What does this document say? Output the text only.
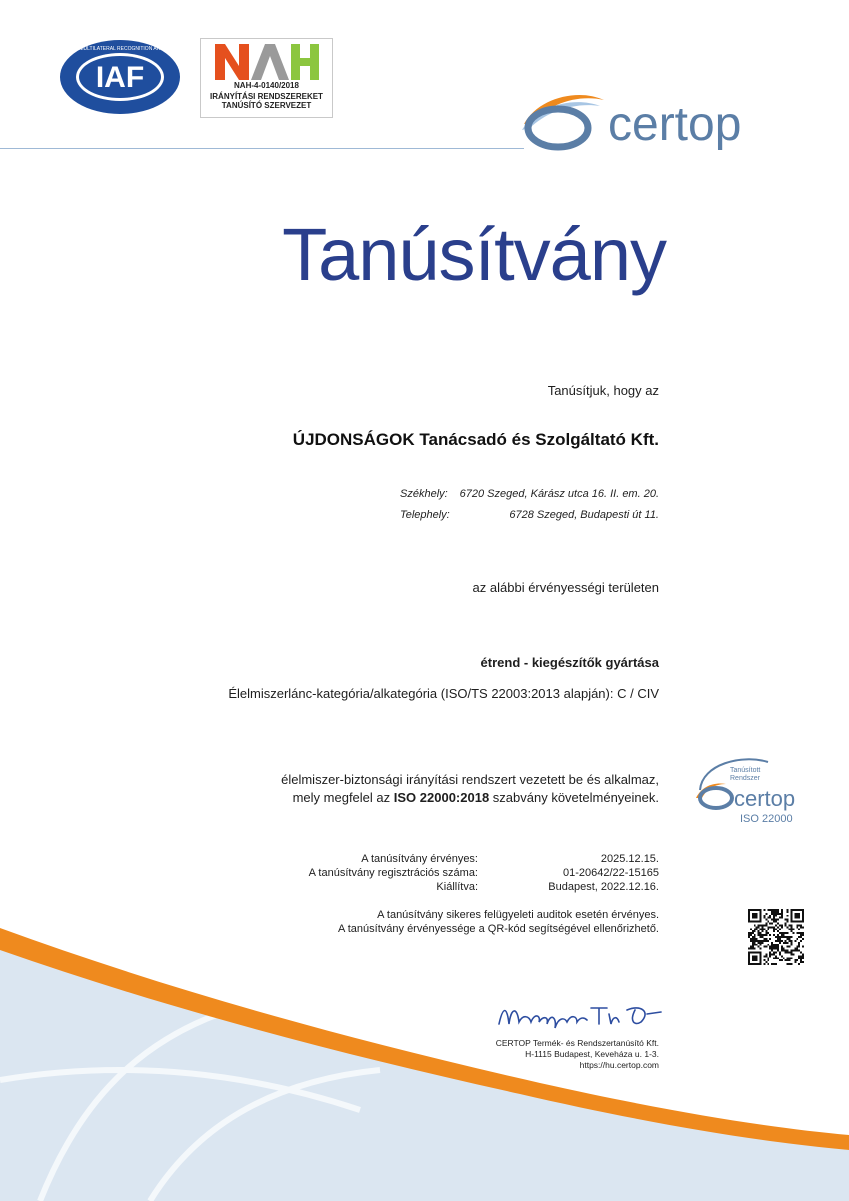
IAF
MEMBER OF MULTILATERAL RECOGNITION ARRANGEMENT
NAH
NAH-4-0140/2018
IRÁNYÍTÁSI RENDSZEREKET
TANÚSÍTÓ SZERVEZET	certop
Tanúsítvány
Tanúsítjuk, hogy az
ÚJDONSÁGOK Tanácsadó és Szolgáltató Kft.
Székhely: 6720 Szeged, Kárász utca 16. II. em. 20.
Telephely:	6728 Szeged, Budapesti út 11.
az alábbi érvényességi területen
étrend - kiegészítők gyártása
Élelmiszerlánc-kategória/alkategória (ISO/TS 22003:2013 alapján): C / CIV
élelmiszer-biztonsági irányítási rendszert vezetett be és alkalmaz,
mely megfelel az ISO 22000:2018 szabvány követelményeinek.
A tanúsítvány érvényes:	2025.12.15.
A tanúsítvány regisztrációs száma:	01-20642/22-15165
Kiállítva:	Budapest, 2022.12.16.
A tanúsítvány sikeres felügyeleti auditok esetén érvényes.
A tanúsítvány érvényessége a QR-kód segítségével ellenőrizhető.
Tanúsított
Rendszer
certop
ISO 22000
CERTOP Termék- és Rendszertanúsító Kft.
H-1115 Budapest, Keveháza u. 1-3.
https://hu.certop.com
